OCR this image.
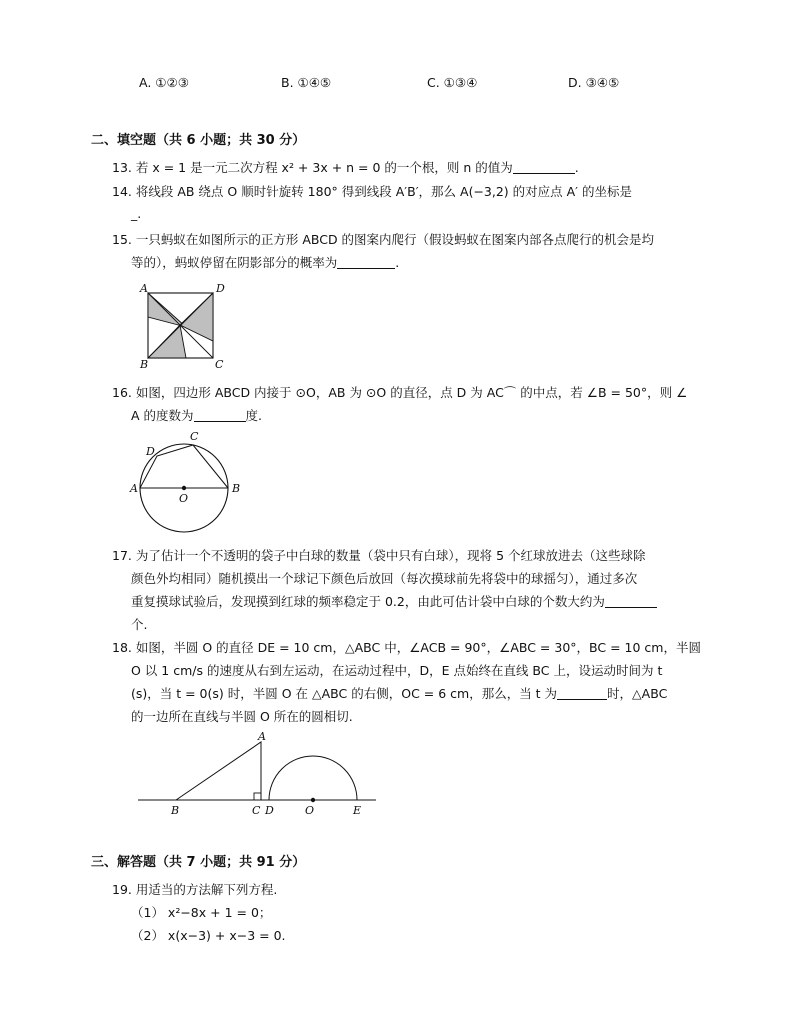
A. ①②③	B. ①④⑤	C. ①③④	D. ③④⑤
二、填空题（共 6 小题；共 30 分）
13. 若 x = 1 是一元二次方程 x² + 3x + n = 0 的一个根，则 n 的值为	.
14. 将线段 AB 绕点 O 顺时针旋转 180° 得到线段 A′B′，那么 A(−3,2) 的对应点 A′ 的坐标是
_.
15. 一只蚂蚁在如图所示的正方形 ABCD 的图案内爬行（假设蚂蚁在图案内部各点爬行的机会是均
等的），蚂蚁停留在阴影部分的概率为	.
A	D
B	C
16. 如图，四边形 ABCD 内接于 ⊙O，AB 为 ⊙O 的直径，点 D 为 AC⌒ 的中点，若 ∠B = 50°，则 ∠
A 的度数为	度.
A	B
C
D
O
17. 为了估计一个不透明的袋子中白球的数量（袋中只有白球），现将 5 个红球放进去（这些球除
颜色外均相同）随机摸出一个球记下颜色后放回（每次摸球前先将袋中的球摇匀），通过多次
重复摸球试验后，发现摸到红球的频率稳定于 0.2，由此可估计袋中白球的个数大约为
个.
18. 如图，半圆 O 的直径 DE = 10 cm，△ABC 中，∠ACB = 90°，∠ABC = 30°，BC = 10 cm，半圆
O 以 1 cm/s 的速度从右到左运动，在运动过程中，D，E 点始终在直线 BC 上，设运动时间为 t
(s)，当 t = 0(s) 时，半圆 O 在 △ABC 的右侧，OC = 6 cm，那么，当 t 为	时，△ABC
的一边所在直线与半圆 O 所在的圆相切.
A
B	C D	O	E
三、解答题（共 7 小题；共 91 分）
19. 用适当的方法解下列方程.
（1） x²−8x + 1 = 0；
（2） x(x−3) + x−3 = 0.
